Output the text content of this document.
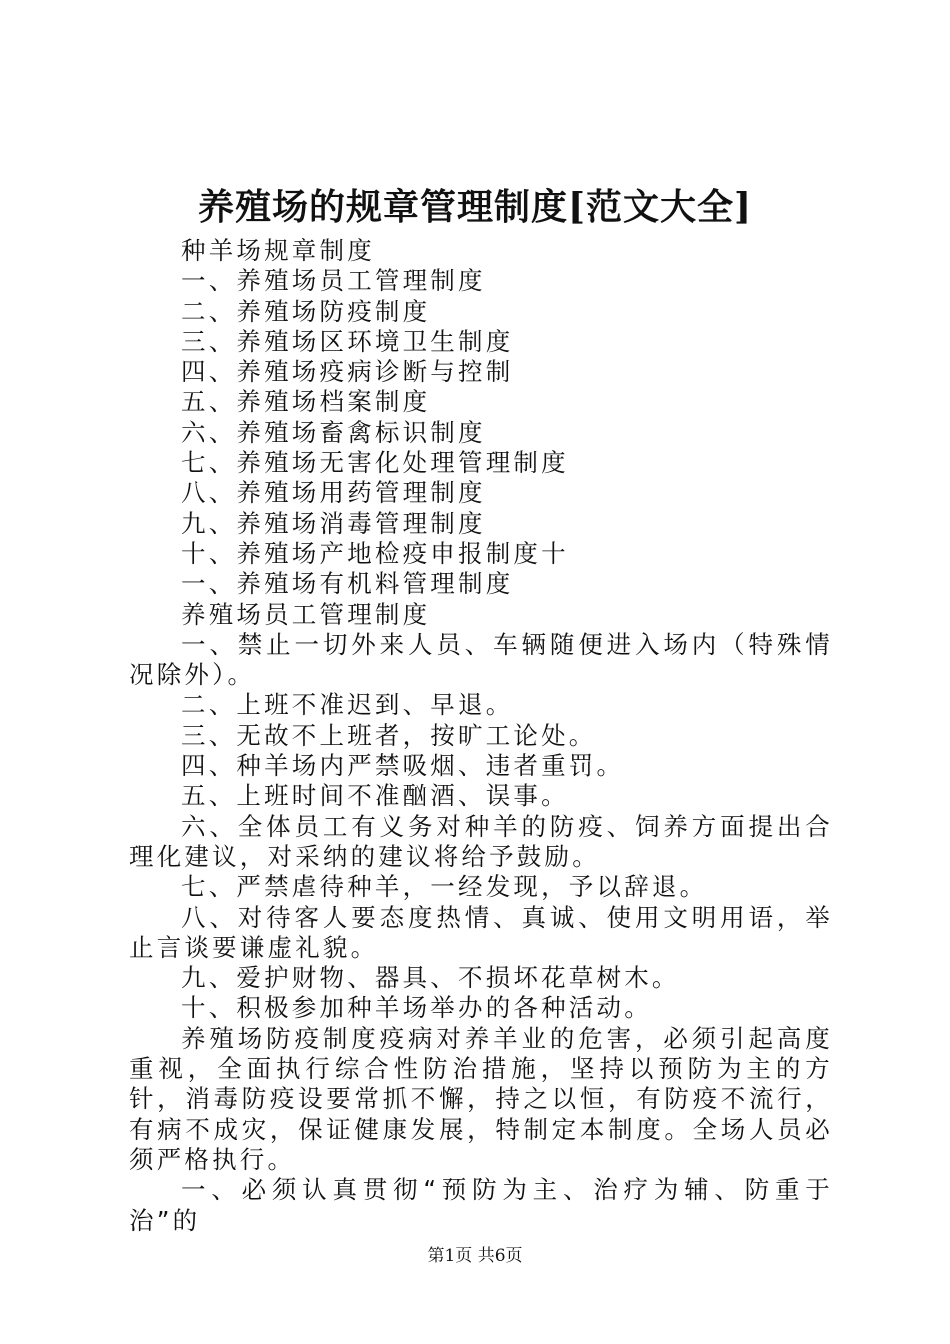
养殖场的规章管理制度[范文大全]

种羊场规章制度

一、养殖场员工管理制度

二、养殖场防疫制度

三、养殖场区环境卫生制度

四、养殖场疫病诊断与控制

五、养殖场档案制度

六、养殖场畜禽标识制度

七、养殖场无害化处理管理制度

八、养殖场用药管理制度

九、养殖场消毒管理制度

十、养殖场产地检疫申报制度十

一、养殖场有机料管理制度

养殖场员工管理制度

一、禁止一切外来人员、车辆随便进入场内（特殊情况除外）。

二、上班不准迟到、早退。

三、无故不上班者，按旷工论处。

四、种羊场内严禁吸烟、违者重罚。

五、上班时间不准酗酒、误事。

六、全体员工有义务对种羊的防疫、饲养方面提出合理化建议，对采纳的建议将给予鼓励。

七、严禁虐待种羊，一经发现，予以辞退。

八、对待客人要态度热情、真诚、使用文明用语，举止言谈要谦虚礼貌。

九、爱护财物、器具、不损坏花草树木。

十、积极参加种羊场举办的各种活动。

养殖场防疫制度疫病对养羊业的危害，必须引起高度重视，全面执行综合性防治措施，坚持以预防为主的方针，消毒防疫设要常抓不懈，持之以恒，有防疫不流行，有病不成灾，保证健康发展，特制定本制度。全场人员必须严格执行。

一、必须认真贯彻“预防为主、治疗为辅、防重于治”的

第1页 共6页
